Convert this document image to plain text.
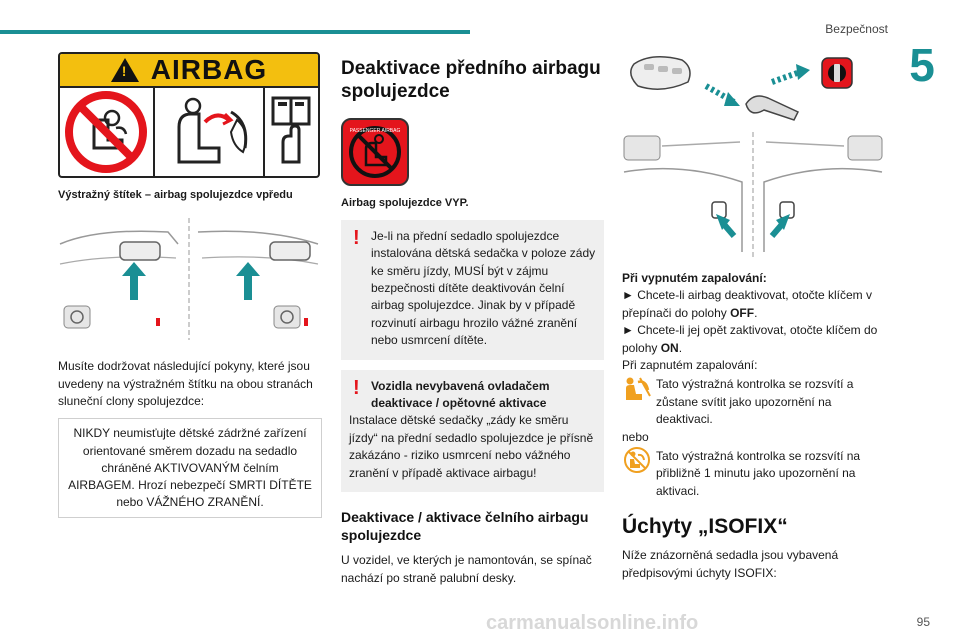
Bezpečnost
5
! AIRBAG
Výstražný štítek – airbag spolujezdce vpředu
Musíte dodržovat následující pokyny, které jsou uvedeny na výstražném štítku na obou stranách sluneční clony spolujezdce:
NIKDY neumisťujte dětské zádržné zařízení orientované směrem dozadu na sedadlo chráněné AKTIVOVANÝM čelním AIRBAGEM. Hrozí nebezpečí SMRTI DÍTĚTE nebo VÁŽNÉHO ZRANĚNÍ.
Deaktivace předního airbagu spolujezdce
PASSENGER AIRBAG
Airbag spolujezdce VYP.
! Je-li na přední sedadlo spolujezdce instalována dětská sedačka v poloze zády ke směru jízdy, MUSÍ být v zájmu bezpečnosti dítěte deaktivován čelní airbag spolujezdce. Jinak by v případě rozvinutí airbagu hrozilo vážné zranění nebo usmrcení dítěte.
! Vozidla nevybavená ovladačem deaktivace / opětovné aktivace
Instalace dětské sedačky „zády ke směru jízdy“ na přední sedadlo spolujezdce je přísně zakázáno - riziko usmrcení nebo vážného zranění v případě aktivace airbagu!
Deaktivace / aktivace čelního airbagu spolujezdce
U vozidel, ve kterých je namontován, se spínač nachází po straně palubní desky.
Při vypnutém zapalování:
► Chcete-li airbag deaktivovat, otočte klíčem v přepínači do polohy OFF.
► Chcete-li jej opět zaktivovat, otočte klíčem do polohy ON.
Při zapnutém zapalování:
Tato výstražná kontrolka se rozsvítí a zůstane svítit jako upozornění na deaktivaci.
nebo
Tato výstražná kontrolka se rozsvítí na přibližně 1 minutu jako upozornění na aktivaci.
Úchyty „ISOFIX“
Níže znázorněná sedadla jsou vybavená předpisovými úchyty ISOFIX:
95
carmanualsonline.info
